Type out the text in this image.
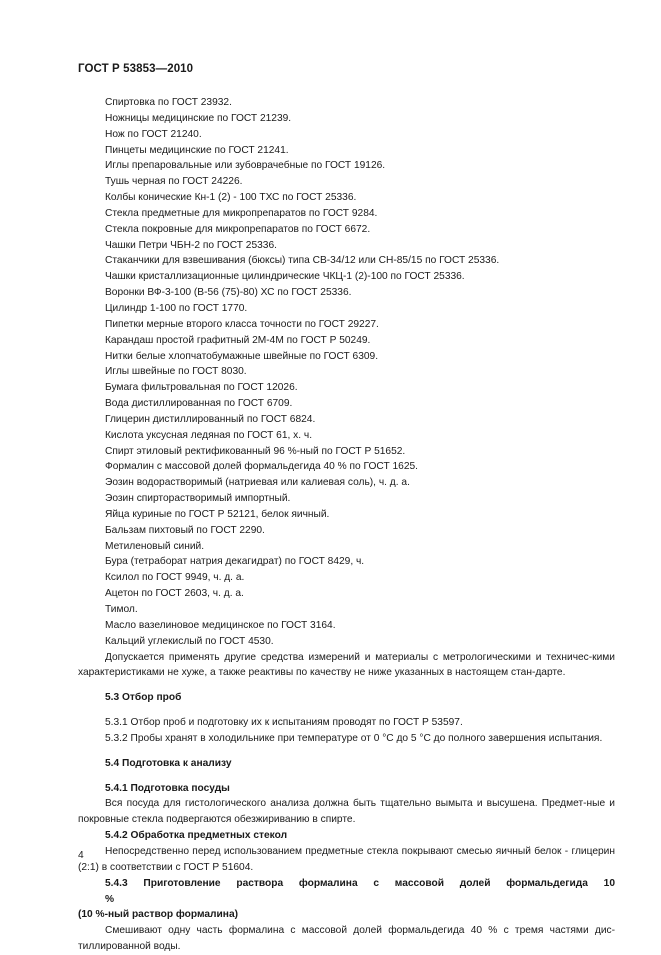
ГОСТ Р 53853—2010
Спиртовка по ГОСТ 23932.
Ножницы медицинские по ГОСТ 21239.
Нож по ГОСТ 21240.
Пинцеты медицинские по ГОСТ 21241.
Иглы препаровальные или зубоврачебные по ГОСТ 19126.
Тушь черная по ГОСТ 24226.
Колбы конические Кн-1 (2) - 100 ТХС по ГОСТ 25336.
Стекла предметные для микропрепаратов по ГОСТ 9284.
Стекла покровные для микропрепаратов по ГОСТ 6672.
Чашки Петри ЧБН-2 по ГОСТ 25336.
Стаканчики для взвешивания (бюксы) типа СВ-34/12 или СН-85/15 по ГОСТ 25336.
Чашки кристаллизационные цилиндрические ЧКЦ-1 (2)-100 по ГОСТ 25336.
Воронки ВФ-3-100 (В-56 (75)-80) ХС по ГОСТ 25336.
Цилиндр 1-100 по ГОСТ 1770.
Пипетки мерные второго класса точности по ГОСТ 29227.
Карандаш простой графитный 2М-4М по ГОСТ Р 50249.
Нитки белые хлопчатобумажные швейные по ГОСТ 6309.
Иглы швейные по ГОСТ 8030.
Бумага фильтровальная по ГОСТ 12026.
Вода дистиллированная по ГОСТ 6709.
Глицерин дистиллированный по ГОСТ 6824.
Кислота уксусная ледяная по ГОСТ 61, х. ч.
Спирт этиловый ректификованный 96 %-ный по ГОСТ Р 51652.
Формалин с массовой долей формальдегида 40 % по ГОСТ 1625.
Эозин водорастворимый (натриевая или калиевая соль), ч. д. а.
Эозин спирторастворимый импортный.
Яйца куриные по ГОСТ Р 52121, белок яичный.
Бальзам пихтовый по ГОСТ 2290.
Метиленовый синий.
Бура (тетраборат натрия декагидрат) по ГОСТ 8429, ч.
Ксилол по ГОСТ 9949, ч. д. а.
Ацетон по ГОСТ 2603, ч. д. а.
Тимол.
Масло вазелиновое медицинское по ГОСТ 3164.
Кальций углекислый по ГОСТ 4530.

Допускается применять другие средства измерений и материалы с метрологическими и техничес-кими характеристиками не хуже, а также реактивы по качеству не ниже указанных в настоящем стан-дарте.

5.3 Отбор проб

5.3.1 Отбор проб и подготовку их к испытаниям проводят по ГОСТ Р 53597.

5.3.2 Пробы хранят в холодильнике при температуре от 0 °С до 5 °С до полного завершения испытания.

5.4 Подготовка к анализу
5.4.1 Подготовка посуды

Вся посуда для гистологического анализа должна быть тщательно вымыта и высушена. Предмет-ные и покровные стекла подвергаются обезжириванию в спирте.

5.4.2 Обработка предметных стекол

Непосредственно перед использованием предметные стекла покрывают смесью яичный белок - глицерин (2:1) в соответствии с ГОСТ Р 51604.

5.4.3 Приготовление раствора формалина с массовой долей формальдегида 10 %
(10 %-ный раствор формалина)

Смешивают одну часть формалина с массовой долей формальдегида 40 % с тремя частями дис-тиллированной воды.

4
